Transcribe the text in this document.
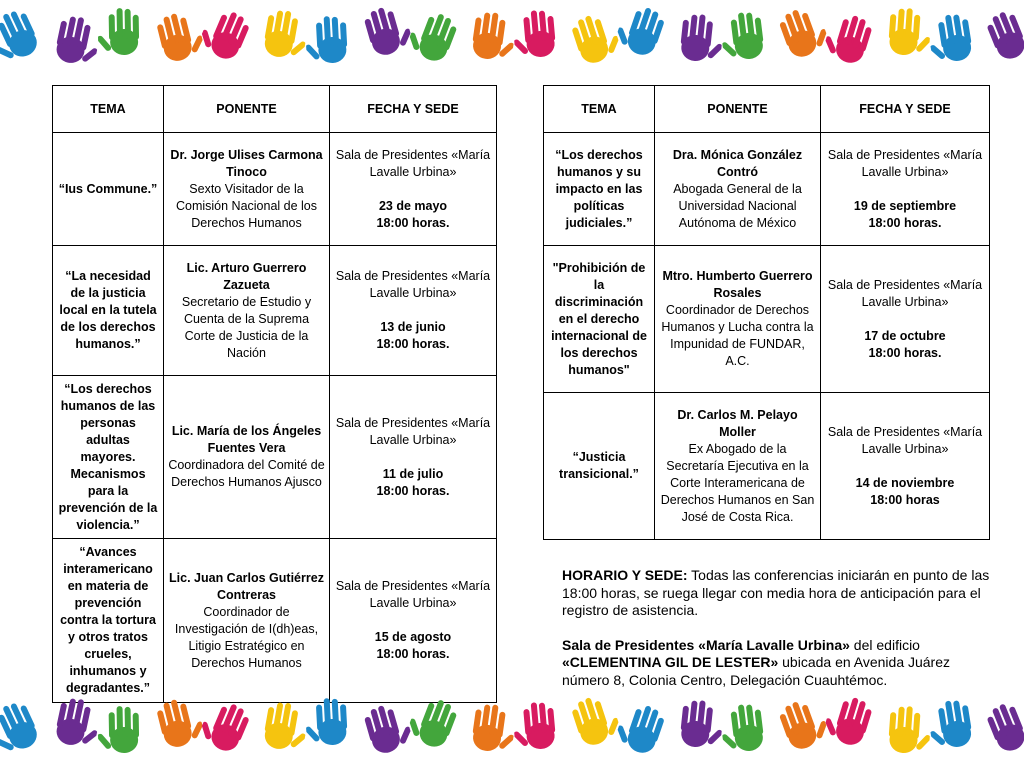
TEMA	PONENTE	FECHA Y SEDE

“Ius Commune.”	Dr. Jorge Ulises Carmona Tinoco
Sexto Visitador de la Comisión Nacional de los Derechos Humanos	Sala de Presidentes «María Lavalle Urbina»
23 de mayo
18:00 horas.

“La necesidad de la justicia local en la tutela de los derechos humanos.”	Lic. Arturo Guerrero Zazueta
Secretario de Estudio y Cuenta de la Suprema Corte de Justicia de la Nación	Sala de Presidentes «María Lavalle Urbina»
13 de junio
18:00 horas.

“Los derechos humanos de las personas adultas mayores. Mecanismos para la prevención de la violencia.”	Lic. María de los Ángeles Fuentes Vera
Coordinadora del Comité de Derechos Humanos Ajusco	Sala de Presidentes «María Lavalle Urbina»
11 de julio
18:00 horas.

“Avances interamericano en materia de prevención contra la tortura y otros tratos crueles, inhumanos y degradantes.”	Lic. Juan Carlos Gutiérrez Contreras
Coordinador de Investigación de I(dh)eas, Litigio Estratégico en Derechos Humanos	Sala de Presidentes «María Lavalle Urbina»
15 de agosto
18:00 horas.
TEMA	PONENTE	FECHA Y SEDE

“Los derechos humanos y su impacto en las políticas judiciales.”	Dra. Mónica González Contró
Abogada General de la Universidad Nacional Autónoma de México	Sala de Presidentes «María Lavalle Urbina»
19 de septiembre
18:00 horas.

"Prohibición de la discriminación en el derecho internacional de los derechos humanos"	Mtro. Humberto Guerrero Rosales
Coordinador de Derechos Humanos y Lucha contra la Impunidad de FUNDAR, A.C.	Sala de Presidentes «María Lavalle Urbina»
17 de octubre
18:00 horas.

“Justicia transicional.”	Dr. Carlos M. Pelayo Moller
Ex Abogado de la Secretaría Ejecutiva en la Corte Interamericana de Derechos Humanos en San José de Costa Rica.	Sala de Presidentes «María Lavalle Urbina»
14 de noviembre
18:00 horas

HORARIO Y SEDE: Todas las conferencias iniciarán en punto de las 18:00 horas, se ruega llegar con media hora de anticipación para el registro de asistencia.

Sala de Presidentes «María Lavalle Urbina» del edificio «CLEMENTINA GIL DE LESTER» ubicada en Avenida Juárez número 8, Colonia Centro, Delegación Cuauhtémoc.
